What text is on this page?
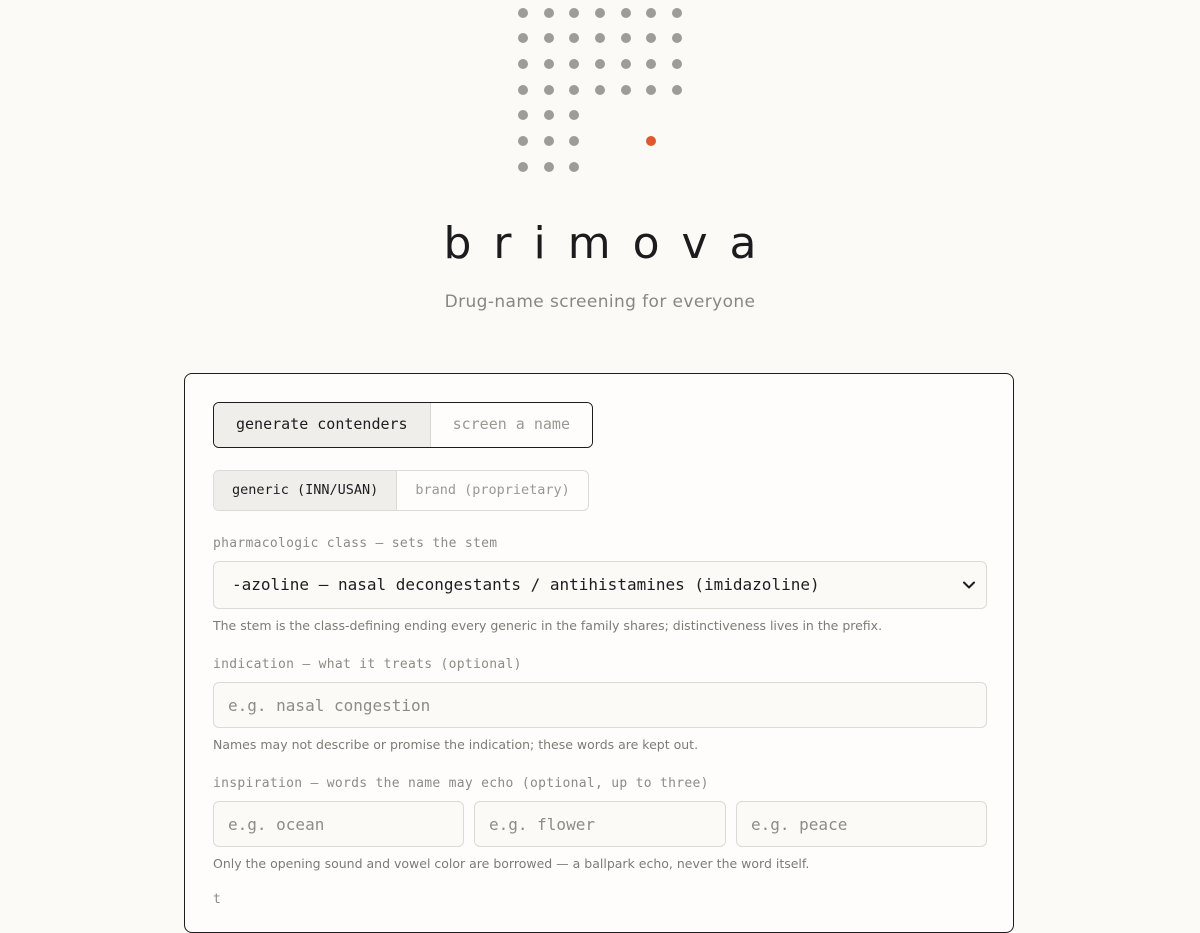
brimova
Drug-name screening for everyone
generate contenders	screen a name
generic (INN/USAN)	brand (proprietary)
pharmacologic class — sets the stem
-azoline — nasal decongestants / antihistamines (imidazoline)
The stem is the class-defining ending every generic in the family shares; distinctiveness lives in the prefix.
indication — what it treats (optional)
e.g. nasal congestion
Names may not describe or promise the indication; these words are kept out.
inspiration — words the name may echo (optional, up to three)
e.g. ocean
e.g. flower
e.g. peace
Only the opening sound and vowel color are borrowed — a ballpark echo, never the word itself.
t
